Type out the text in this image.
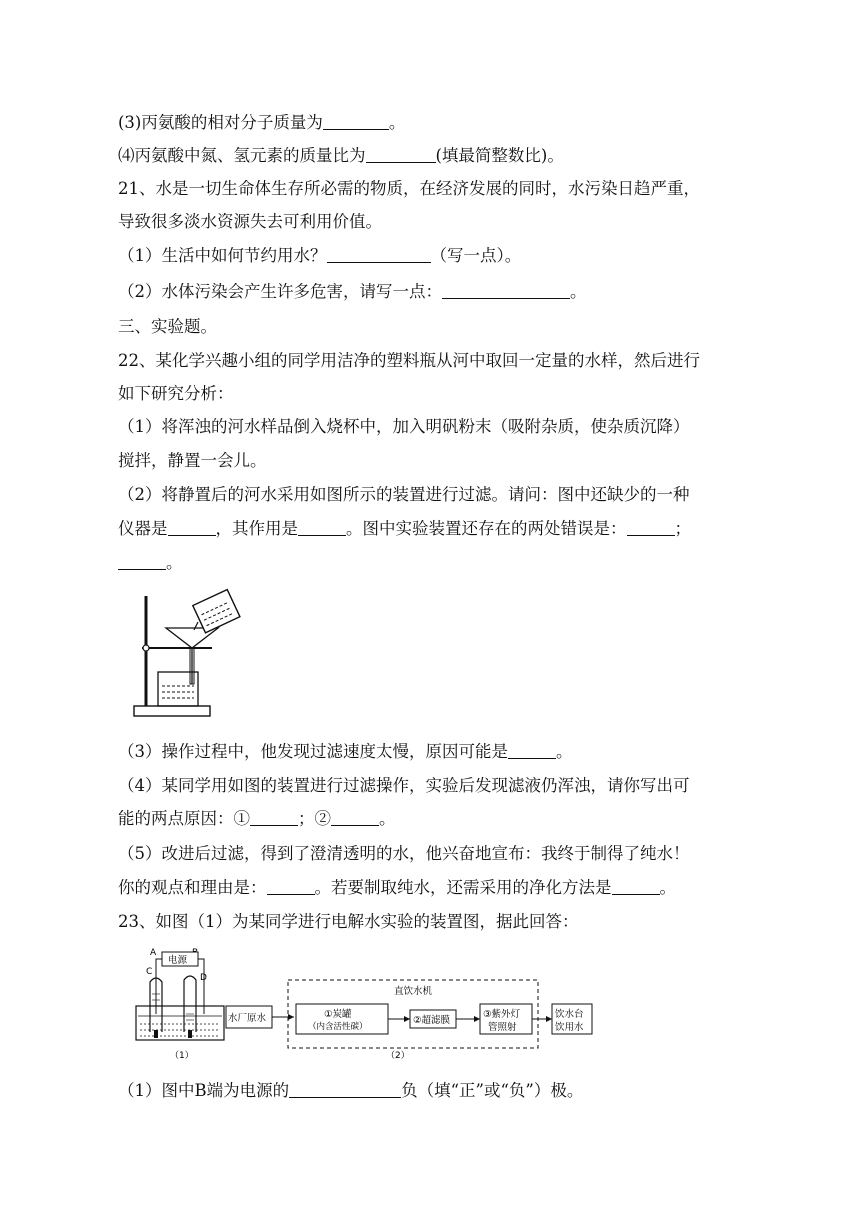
(3)丙氨酸的相对分子质量为	。
⑷丙氨酸中氮、氢元素的质量比为	(填最简整数比)。
21、水是一切生命体生存所必需的物质，在经济发展的同时，水污染日趋严重，
导致很多淡水资源失去可利用价值。
（1）生活中如何节约用水？	（写一点）。
（2）水体污染会产生许多危害，请写一点：	。
三、实验题。
22、某化学兴趣小组的同学用洁净的塑料瓶从河中取回一定量的水样，然后进行
如下研究分析：
（1）将浑浊的河水样品倒入烧杯中，加入明矾粉末（吸附杂质，使杂质沉降）
搅拌，静置一会儿。
（2）将静置后的河水采用如图所示的装置进行过滤。请问：图中还缺少的一种
仪器是	，其作用是	。图中实验装置还存在的两处错误是：	；
。
（3）操作过程中，他发现过滤速度太慢，原因可能是	。
（4）某同学用如图的装置进行过滤操作，实验后发现滤液仍浑浊，请你写出可
能的两点原因：①	；②	。
（5）改进后过滤，得到了澄清透明的水，他兴奋地宣布：我终于制得了纯水！
你的观点和理由是：	。若要制取纯水，还需采用的净化方法是	。
23、如图（1）为某同学进行电解水实验的装置图，据此回答：
A
电源
C
D
（1）
水厂原水
直饮水机
①炭罐
（内含活性碳）
②超滤膜
③紫外灯
管照射
饮水台
饮用水
（2）
（1）图中B端为电源的	负（填“正”或“负”）极。
